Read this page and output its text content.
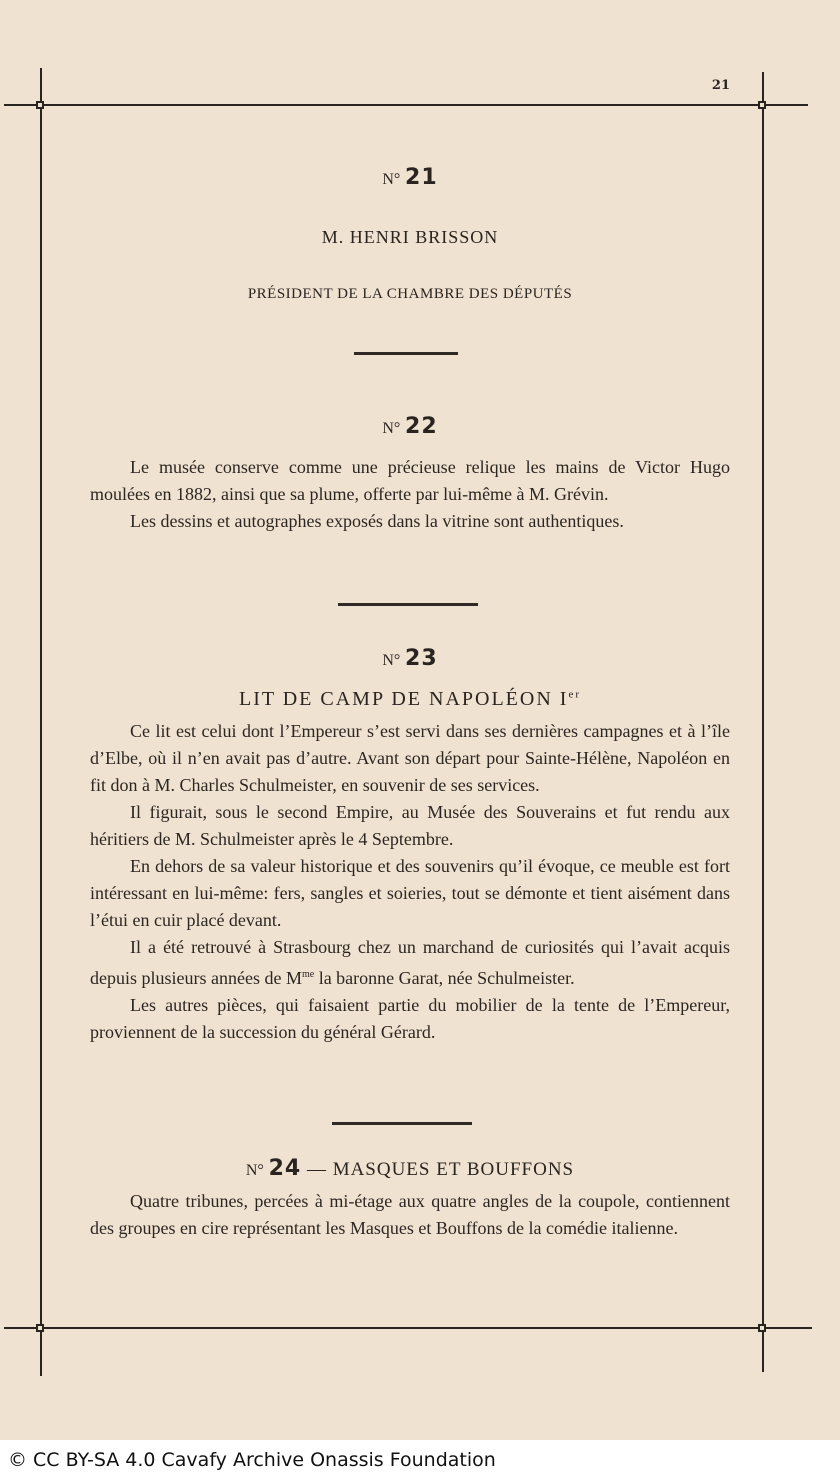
21
N° 21
M. HENRI BRISSON
PRÉSIDENT DE LA CHAMBRE DES DÉPUTÉS
N° 22

Le musée conserve comme une précieuse relique les mains de Victor Hugo moulées en 1882, ainsi que sa plume, offerte par lui-même à M. Grévin.

Les dessins et autographes exposés dans la vitrine sont authentiques.

N° 23
LIT DE CAMP DE NAPOLÉON Ier

Ce lit est celui dont l’Empereur s’est servi dans ses dernières campagnes et à l’île d’Elbe, où il n’en avait pas d’autre. Avant son départ pour Sainte-Hélène, Napoléon en fit don à M. Charles Schulmeister, en souvenir de ses services.

Il figurait, sous le second Empire, au Musée des Souverains et fut rendu aux héritiers de M. Schulmeister après le 4 Septembre.

En dehors de sa valeur historique et des souvenirs qu’il évoque, ce meuble est fort intéressant en lui-même: fers, sangles et soieries, tout se démonte et tient aisément dans l’étui en cuir placé devant.

Il a été retrouvé à Strasbourg chez un marchand de curiosités qui l’avait acquis depuis plusieurs années de $M^{me}$ la baronne Garat, née Schulmeister.

Les autres pièces, qui faisaient partie du mobilier de la tente de l’Empereur, proviennent de la succession du général Gérard.

N° 24 — MASQUES ET BOUFFONS

Quatre tribunes, percées à mi-étage aux quatre angles de la coupole, contiennent des groupes en cire représentant les Masques et Bouffons de la comédie italienne.

© CC BY-SA 4.0 Cavafy Archive Onassis Foundation
